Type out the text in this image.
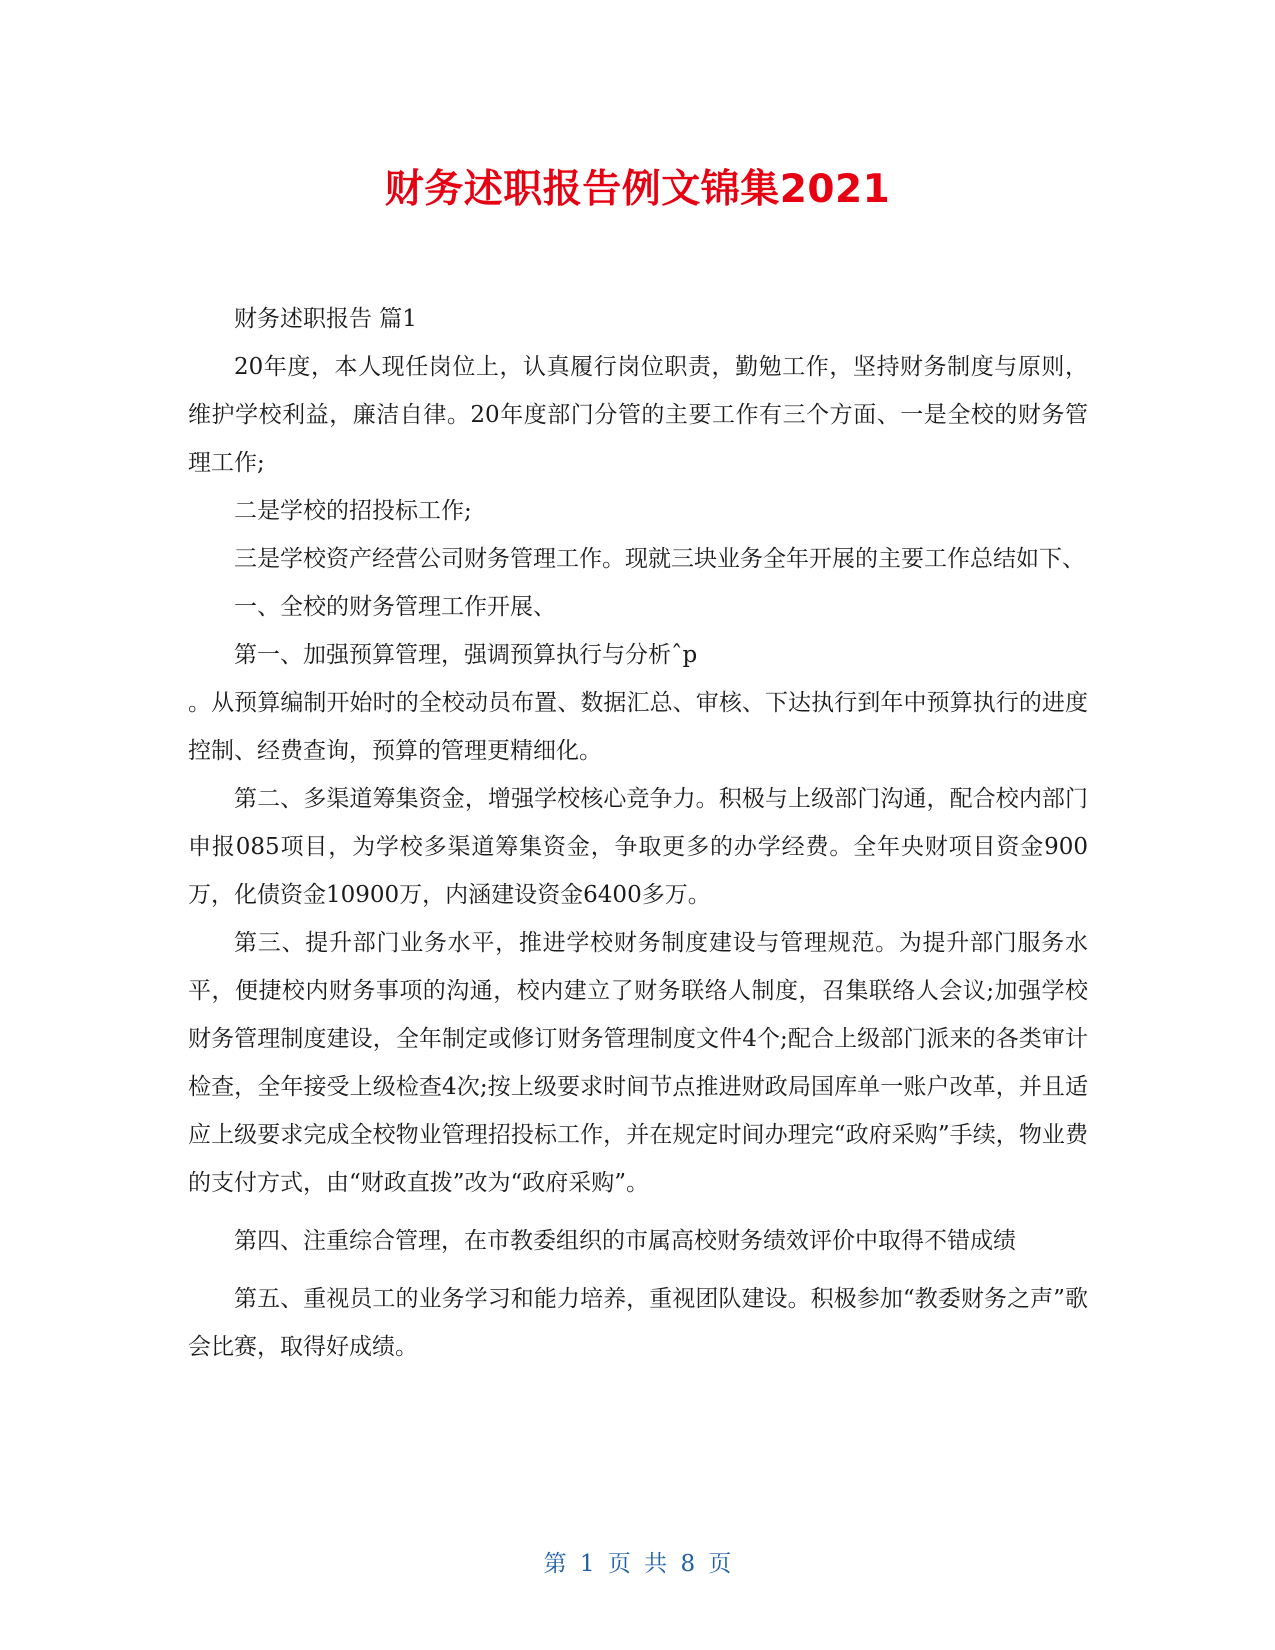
财务述职报告例文锦集2021

财务述职报告 篇1

20年度，本人现任岗位上，认真履行岗位职责，勤勉工作，坚持财务制度与原则，维护学校利益，廉洁自律。20年度部门分管的主要工作有三个方面、一是全校的财务管理工作;

二是学校的招投标工作;

三是学校资产经营公司财务管理工作。现就三块业务全年开展的主要工作总结如下、

一、全校的财务管理工作开展、

第一、加强预算管理，强调预算执行与分析ˆp

。从预算编制开始时的全校动员布置、数据汇总、审核、下达执行到年中预算执行的进度控制、经费查询，预算的管理更精细化。

第二、多渠道筹集资金，增强学校核心竞争力。积极与上级部门沟通，配合校内部门申报085项目，为学校多渠道筹集资金，争取更多的办学经费。全年央财项目资金900万，化债资金10900万，内涵建设资金6400多万。

第三、提升部门业务水平，推进学校财务制度建设与管理规范。为提升部门服务水平，便捷校内财务事项的沟通，校内建立了财务联络人制度，召集联络人会议;加强学校财务管理制度建设，全年制定或修订财务管理制度文件4个;配合上级部门派来的各类审计检查，全年接受上级检查4次;按上级要求时间节点推进财政局国库单一账户改革，并且适应上级要求完成全校物业管理招投标工作，并在规定时间办理完“政府采购”手续，物业费的支付方式，由“财政直拨”改为“政府采购”。

第四、注重综合管理，在市教委组织的市属高校财务绩效评价中取得不错成绩

第五、重视员工的业务学习和能力培养，重视团队建设。积极参加“教委财务之声”歌会比赛，取得好成绩。

第 1 页 共 8 页
